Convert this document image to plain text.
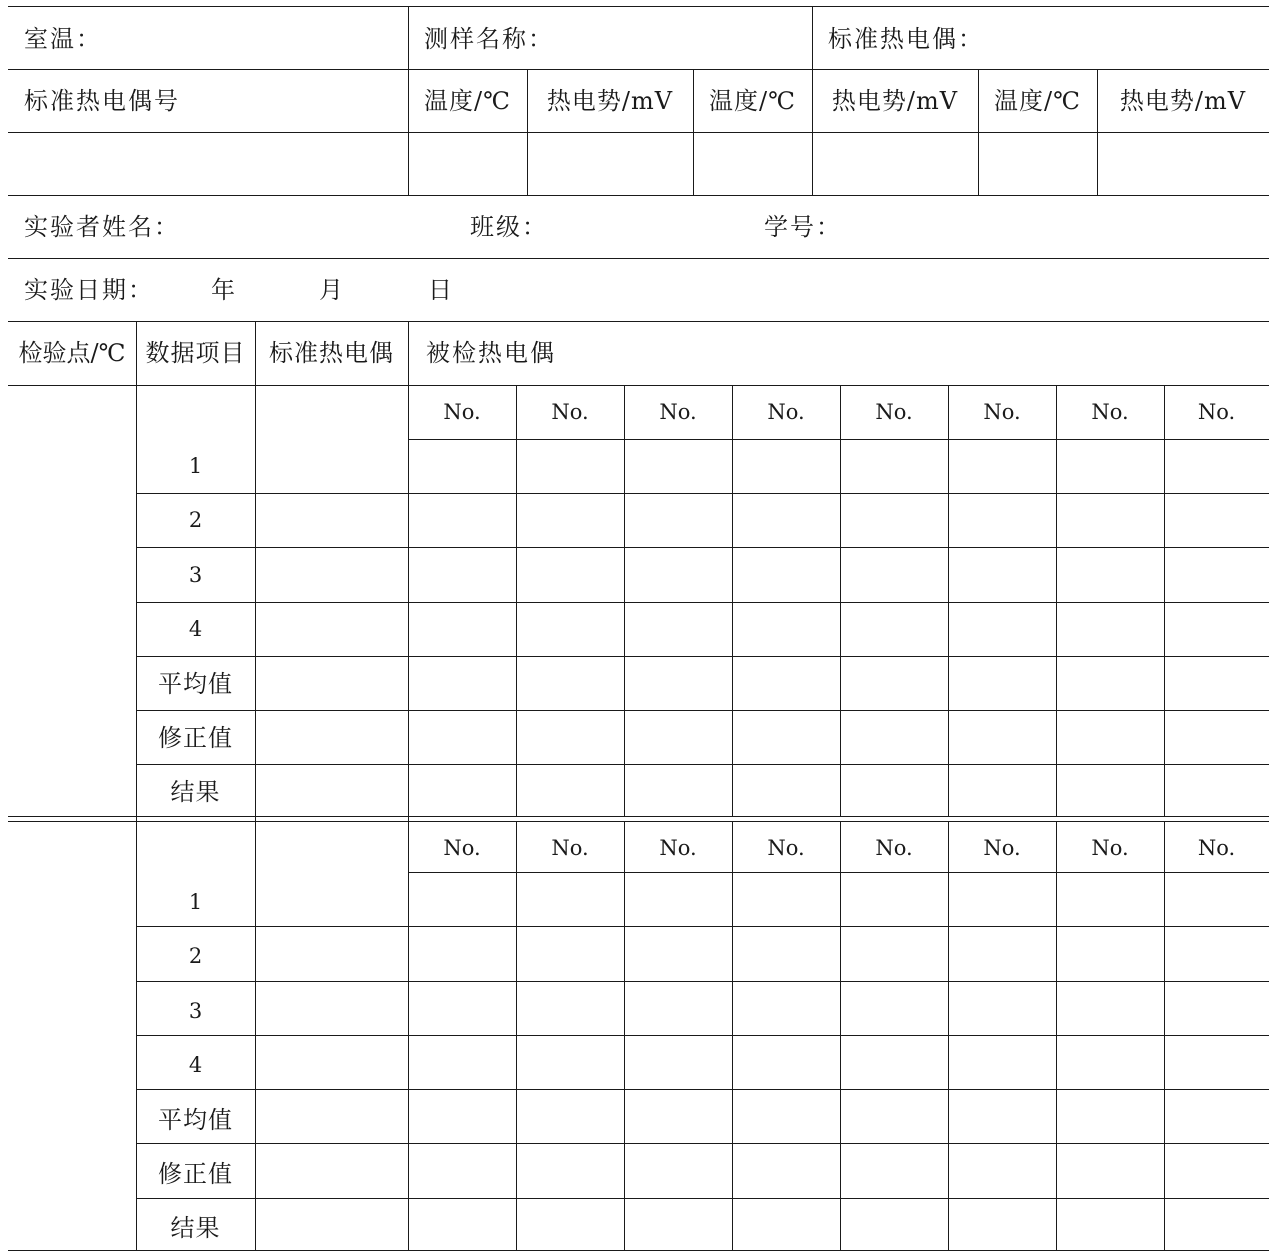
室温：	测样名称：	标准热电偶：
标准热电偶号	温度/℃	热电势/mV	温度/℃	热电势/mV	温度/℃	热电势/mV
实验者姓名：	班级：	学号：
实验日期：	年	月	日
检验点/℃ 数据项目 标准热电偶	被检热电偶
No.	No.	No.	No.	No.	No.	No.	No.
1
2
3
4
平均值
修正值
结果
No.	No.	No.	No.	No.	No.	No.	No.
1
2
3
4
平均值
修正值
结果
